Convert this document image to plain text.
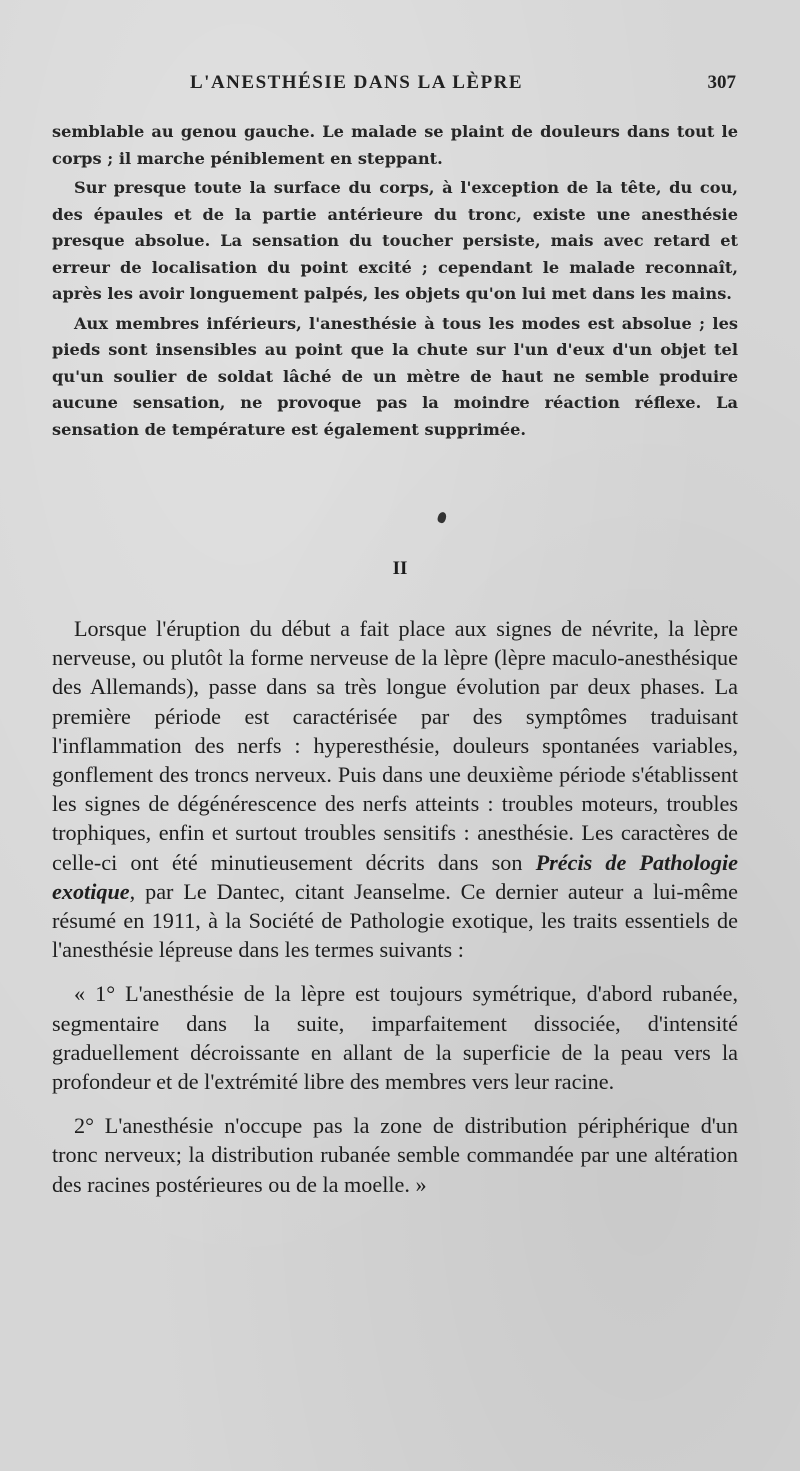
L'ANESTHÉSIE DANS LA LÈPRE	307

semblable au genou gauche. Le malade se plaint de douleurs dans tout le corps ; il marche péniblement en steppant.

Sur presque toute la surface du corps, à l'exception de la tête, du cou, des épaules et de la partie antérieure du tronc, existe une anesthésie presque absolue. La sensation du toucher persiste, mais avec retard et erreur de localisation du point excité ; cependant le malade reconnaît, après les avoir longuement palpés, les objets qu'on lui met dans les mains.

Aux membres inférieurs, l'anesthésie à tous les modes est absolue ; les pieds sont insensibles au point que la chute sur l'un d'eux d'un objet tel qu'un soulier de soldat lâché de un mètre de haut ne semble produire aucune sensation, ne provoque pas la moindre réaction réflexe. La sensation de température est également supprimée.

II

Lorsque l'éruption du début a fait place aux signes de névrite, la lèpre nerveuse, ou plutôt la forme nerveuse de la lèpre (lèpre maculo-anesthésique des Allemands), passe dans sa très longue évolution par deux phases. La première période est caractérisée par des symptômes traduisant l'inflammation des nerfs : hyperesthésie, douleurs spontanées variables, gonflement des troncs nerveux. Puis dans une deuxième période s'établissent les signes de dégénérescence des nerfs atteints : troubles moteurs, troubles trophiques, enfin et surtout troubles sensitifs : anesthésie. Les caractères de celle-ci ont été minutieusement décrits dans son Précis de Pathologie exotique, par Le Dantec, citant Jeanselme. Ce dernier auteur a lui-même résumé en 1911, à la Société de Pathologie exotique, les traits essentiels de l'anesthésie lépreuse dans les termes suivants :

« 1° L'anesthésie de la lèpre est toujours symétrique, d'abord rubanée, segmentaire dans la suite, imparfaitement dissociée, d'intensité graduellement décroissante en allant de la superficie de la peau vers la profondeur et de l'extrémité libre des membres vers leur racine.

2° L'anesthésie n'occupe pas la zone de distribution périphérique d'un tronc nerveux; la distribution rubanée semble commandée par une altération des racines postérieures ou de la moelle. »
